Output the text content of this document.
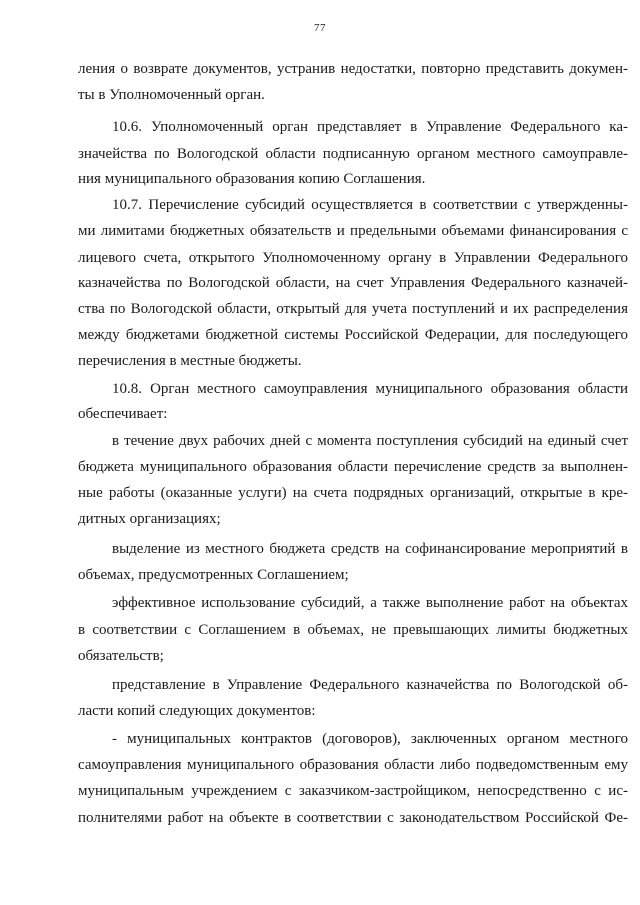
77
ления о возврате документов, устранив недостатки, повторно представить докумен-
ты в Уполномоченный орган.
10.6. Уполномоченный орган представляет в Управление Федерального ка-
значейства по Вологодской области подписанную органом местного самоуправле-
ния муниципального образования копию Соглашения.
10.7. Перечисление субсидий осуществляется в соответствии с утвержденны-
ми лимитами бюджетных обязательств и предельными объемами финансирования с
лицевого счета, открытого Уполномоченному органу в Управлении Федерального
казначейства по Вологодской области, на счет Управления Федерального казначей-
ства по Вологодской области, открытый для учета поступлений и их распределения
между бюджетами бюджетной системы Российской Федерации, для последующего
перечисления в местные бюджеты.
10.8. Орган местного самоуправления муниципального образования области
обеспечивает:
в течение двух рабочих дней с момента поступления субсидий на единый счет
бюджета муниципального образования области перечисление средств за выполнен-
ные работы (оказанные услуги) на счета подрядных организаций, открытые в кре-
дитных организациях;
выделение из местного бюджета средств на софинансирование мероприятий в
объемах, предусмотренных Соглашением;
эффективное использование субсидий, а также выполнение работ на объектах
в соответствии с Соглашением в объемах, не превышающих лимиты бюджетных
обязательств;
представление в Управление Федерального казначейства по Вологодской об-
ласти копий следующих документов:
- муниципальных контрактов (договоров), заключенных органом местного
самоуправления муниципального образования области либо подведомственным ему
муниципальным учреждением с заказчиком-застройщиком, непосредственно с ис-
полнителями работ на объекте в соответствии с законодательством Российской Фе-
